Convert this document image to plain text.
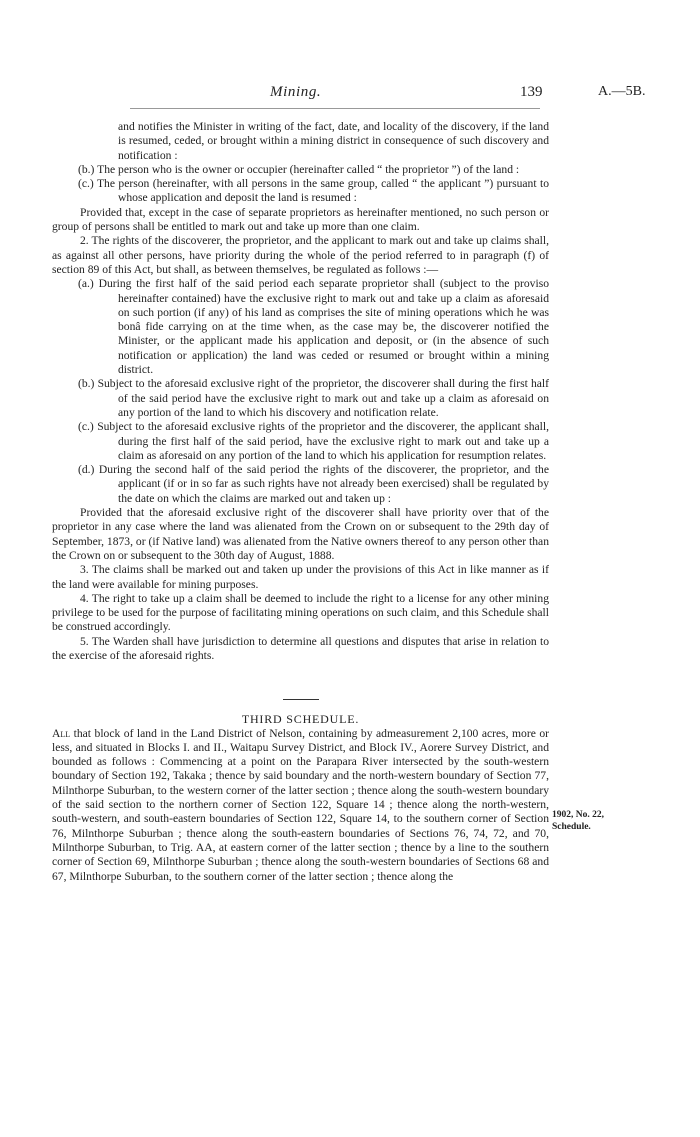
Mining.	139	A.—5B.

and notifies the Minister in writing of the fact, date, and locality of the discovery, if the land is resumed, ceded, or brought within a mining district in consequence of such discovery and notification :

(b.) The person who is the owner or occupier (hereinafter called “ the proprietor ”) of the land :

(c.) The person (hereinafter, with all persons in the same group, called “ the applicant ”) pursuant to whose application and deposit the land is resumed :

Provided that, except in the case of separate proprietors as hereinafter mentioned, no such person or group of persons shall be entitled to mark out and take up more than one claim.

2. The rights of the discoverer, the proprietor, and the applicant to mark out and take up claims shall, as against all other persons, have priority during the whole of the period referred to in paragraph (f) of section 89 of this Act, but shall, as between themselves, be regulated as follows :—

(a.) During the first half of the said period each separate proprietor shall (subject to the proviso hereinafter contained) have the exclusive right to mark out and take up a claim as aforesaid on such portion (if any) of his land as comprises the site of mining operations which he was bonâ fide carrying on at the time when, as the case may be, the discoverer notified the Minister, or the applicant made his application and deposit, or (in the absence of such notification or application) the land was ceded or resumed or brought within a mining district.

(b.) Subject to the aforesaid exclusive right of the proprietor, the discoverer shall during the first half of the said period have the exclusive right to mark out and take up a claim as aforesaid on any portion of the land to which his discovery and notification relate.

(c.) Subject to the aforesaid exclusive rights of the proprietor and the discoverer, the applicant shall, during the first half of the said period, have the exclusive right to mark out and take up a claim as aforesaid on any portion of the land to which his application for resumption relates.

(d.) During the second half of the said period the rights of the discoverer, the proprietor, and the applicant (if or in so far as such rights have not already been exercised) shall be regulated by the date on which the claims are marked out and taken up :

Provided that the aforesaid exclusive right of the discoverer shall have priority over that of the proprietor in any case where the land was alienated from the Crown on or subsequent to the 29th day of September, 1873, or (if Native land) was alienated from the Native owners thereof to any person other than the Crown on or subsequent to the 30th day of August, 1888.

3. The claims shall be marked out and taken up under the provisions of this Act in like manner as if the land were available for mining purposes.

4. The right to take up a claim shall be deemed to include the right to a license for any other mining privilege to be used for the purpose of facilitating mining operations on such claim, and this Schedule shall be construed accordingly.

5. The Warden shall have jurisdiction to determine all questions and disputes that arise in relation to the exercise of the aforesaid rights.

THIRD SCHEDULE.

All that block of land in the Land District of Nelson, containing by admeasurement 2,100 acres, more or less, and situated in Blocks I. and II., Waitapu Survey District, and Block IV., Aorere Survey District, and bounded as follows : Commencing at a point on the Parapara River intersected by the south-western boundary of Section 192, Takaka ; thence by said boundary and the north-western boundary of Section 77, Milnthorpe Suburban, to the western corner of the latter section ; thence along the south-western boundary of the said section to the northern corner of Section 122, Square 14 ; thence along the north-western, south-western, and south-eastern boundaries of Section 122, Square 14, to the southern corner of Section 76, Milnthorpe Suburban ; thence along the south-eastern boundaries of Sections 76, 74, 72, and 70, Milnthorpe Suburban, to Trig. AA, at eastern corner of the latter section ; thence by a line to the southern corner of Section 69, Milnthorpe Suburban ; thence along the south-western boundaries of Sections 68 and 67, Milnthorpe Suburban, to the southern corner of the latter section ; thence along the

1902, No. 22,
Schedule.
